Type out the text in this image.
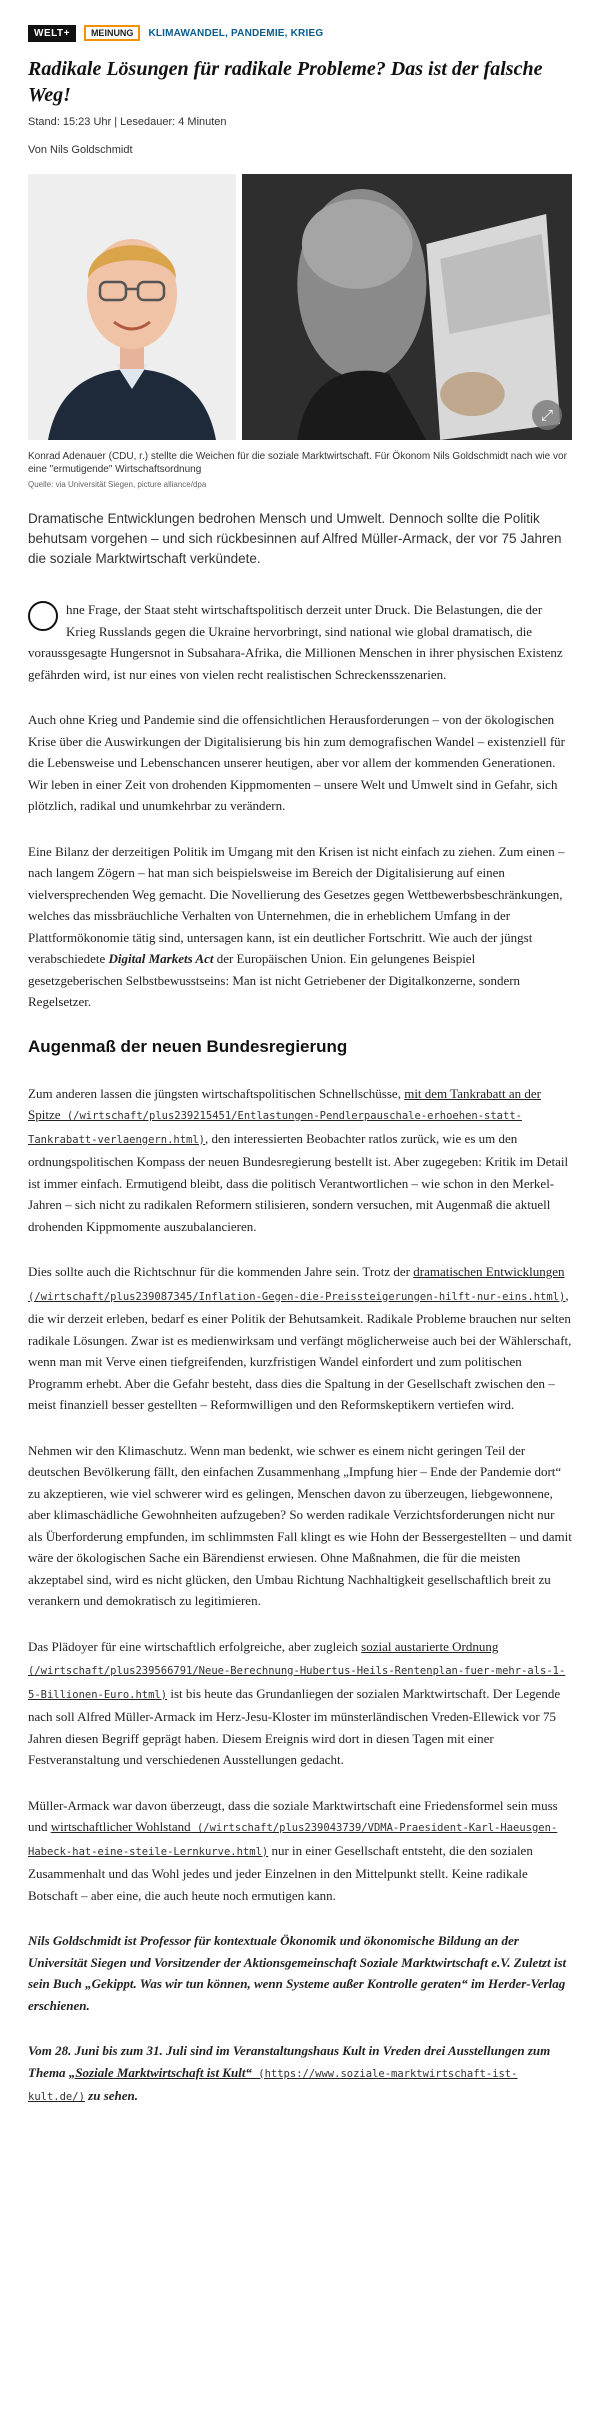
WELT+	MEINUNG	KLIMAWANDEL, PANDEMIE, KRIEG
Radikale Lösungen für radikale Probleme? Das ist der falsche Weg!
Stand: 15:23 Uhr | Lesedauer: 4 Minuten
Von Nils Goldschmidt
⤢
Konrad Adenauer (CDU, r.) stellte die Weichen für die soziale Marktwirtschaft. Für Ökonom Nils Goldschmidt nach wie vor eine "ermutigende" Wirtschaftsordnung
Quelle: via Universität Siegen, picture alliance/dpa
Dramatische Entwicklungen bedrohen Mensch und Umwelt. Dennoch sollte die Politik behutsam vorgehen – und sich rückbesinnen auf Alfred Müller-Armack, der vor 75 Jahren die soziale Marktwirtschaft verkündete.

hne Frage, der Staat steht wirtschaftspolitisch derzeit unter Druck. Die Belastungen, die der Krieg Russlands gegen die Ukraine hervorbringt, sind national wie global dramatisch, die voraussgesagte Hungersnot in Subsahara-Afrika, die Millionen Menschen in ihrer physischen Existenz gefährden wird, ist nur eines von vielen recht realistischen Schreckensszenarien.

Auch ohne Krieg und Pandemie sind die offensichtlichen Herausforderungen – von der ökologischen Krise über die Auswirkungen der Digitalisierung bis hin zum demografischen Wandel – existenziell für die Lebensweise und Lebenschancen unserer heutigen, aber vor allem der kommenden Generationen. Wir leben in einer Zeit von drohenden Kippmomenten – unsere Welt und Umwelt sind in Gefahr, sich plötzlich, radikal und unumkehrbar zu verändern.

Eine Bilanz der derzeitigen Politik im Umgang mit den Krisen ist nicht einfach zu ziehen. Zum einen – nach langem Zögern – hat man sich beispielsweise im Bereich der Digitalisierung auf einen vielversprechenden Weg gemacht. Die Novellierung des Gesetzes gegen Wettbewerbsbeschränkungen, welches das missbräuchliche Verhalten von Unternehmen, die in erheblichem Umfang in der Plattformökonomie tätig sind, untersagen kann, ist ein deutlicher Fortschritt. Wie auch der jüngst verabschiedete Digital Markets Act der Europäischen Union. Ein gelungenes Beispiel gesetzgeberischen Selbstbewusstseins: Man ist nicht Getriebener der Digitalkonzerne, sondern Regelsetzer.

Augenmaß der neuen Bundesregierung

Zum anderen lassen die jüngsten wirtschaftspolitischen Schnellschüsse, mit dem Tankrabatt an der Spitze (/wirtschaft/plus239215451/Entlastungen-Pendlerpauschale-erhoehen-statt-Tankrabatt-verlaengern.html), den interessierten Beobachter ratlos zurück, wie es um den ordnungspolitischen Kompass der neuen Bundesregierung bestellt ist. Aber zugegeben: Kritik im Detail ist immer einfach. Ermutigend bleibt, dass die politisch Verantwortlichen – wie schon in den Merkel-Jahren – sich nicht zu radikalen Reformern stilisieren, sondern versuchen, mit Augenmaß die aktuell drohenden Kippmomente auszubalancieren.

Dies sollte auch die Richtschnur für die kommenden Jahre sein. Trotz der dramatischen Entwicklungen (/wirtschaft/plus239087345/Inflation-Gegen-die-Preissteigerungen-hilft-nur-eins.html), die wir derzeit erleben, bedarf es einer Politik der Behutsamkeit. Radikale Probleme brauchen nur selten radikale Lösungen. Zwar ist es medienwirksam und verfängt möglicherweise auch bei der Wählerschaft, wenn man mit Verve einen tiefgreifenden, kurzfristigen Wandel einfordert und zum politischen Programm erhebt. Aber die Gefahr besteht, dass dies die Spaltung in der Gesellschaft zwischen den – meist finanziell besser gestellten – Reformwilligen und den Reformskeptikern vertiefen wird.

Nehmen wir den Klimaschutz. Wenn man bedenkt, wie schwer es einem nicht geringen Teil der deutschen Bevölkerung fällt, den einfachen Zusammenhang „Impfung hier – Ende der Pandemie dort“ zu akzeptieren, wie viel schwerer wird es gelingen, Menschen davon zu überzeugen, liebgewonnene, aber klimaschädliche Gewohnheiten aufzugeben? So werden radikale Verzichtsforderungen nicht nur als Überforderung empfunden, im schlimmsten Fall klingt es wie Hohn der Bessergestellten – und damit wäre der ökologischen Sache ein Bärendienst erwiesen. Ohne Maßnahmen, die für die meisten akzeptabel sind, wird es nicht glücken, den Umbau Richtung Nachhaltigkeit gesellschaftlich breit zu verankern und demokratisch zu legitimieren.

Das Plädoyer für eine wirtschaftlich erfolgreiche, aber zugleich sozial austarierte Ordnung (/wirtschaft/plus239566791/Neue-Berechnung-Hubertus-Heils-Rentenplan-fuer-mehr-als-1-5-Billionen-Euro.html) ist bis heute das Grundanliegen der sozialen Marktwirtschaft. Der Legende nach soll Alfred Müller-Armack im Herz-Jesu-Kloster im münsterländischen Vreden-Ellewick vor 75 Jahren diesen Begriff geprägt haben. Diesem Ereignis wird dort in diesen Tagen mit einer Festveranstaltung und verschiedenen Ausstellungen gedacht.

Müller-Armack war davon überzeugt, dass die soziale Marktwirtschaft eine Friedensformel sein muss und wirtschaftlicher Wohlstand (/wirtschaft/plus239043739/VDMA-Praesident-Karl-Haeusgen-Habeck-hat-eine-steile-Lernkurve.html) nur in einer Gesellschaft entsteht, die den sozialen Zusammenhalt und das Wohl jedes und jeder Einzelnen in den Mittelpunkt stellt. Keine radikale Botschaft – aber eine, die auch heute noch ermutigen kann.

Nils Goldschmidt ist Professor für kontextuale Ökonomik und ökonomische Bildung an der Universität Siegen und Vorsitzender der Aktionsgemeinschaft Soziale Marktwirtschaft e.V. Zuletzt ist sein Buch „Gekippt. Was wir tun können, wenn Systeme außer Kontrolle geraten“ im Herder-Verlag erschienen.

Vom 28. Juni bis zum 31. Juli sind im Veranstaltungshaus Kult in Vreden drei Ausstellungen zum Thema „Soziale Marktwirtschaft ist Kult“ (https://www.soziale-marktwirtschaft-ist-kult.de/) zu sehen.
